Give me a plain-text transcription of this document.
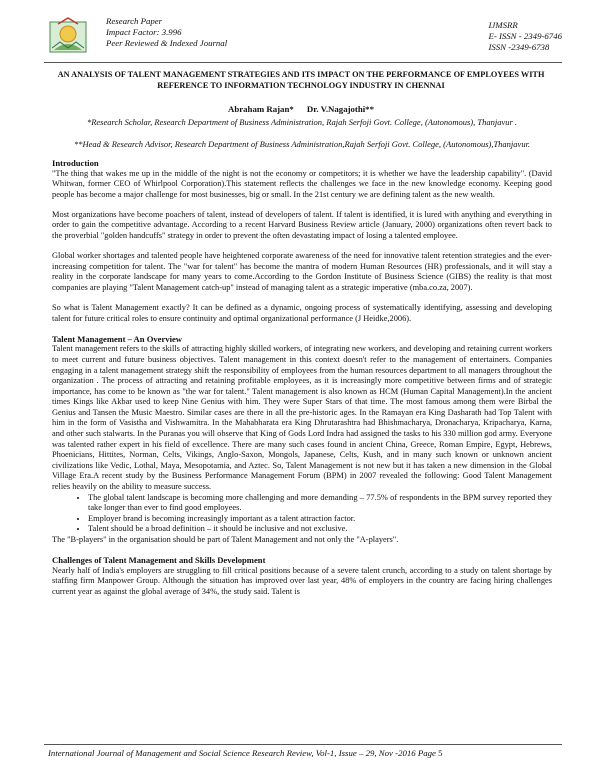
Research Paper
Impact Factor: 3.996
Peer Reviewed & Indexed Journal
IJMSRR
E- ISSN - 2349-6746
ISSN -2349-6738
AN ANALYSIS OF TALENT MANAGEMENT STRATEGIES AND ITS IMPACT ON THE PERFORMANCE OF EMPLOYEES WITH REFERENCE TO INFORMATION TECHNOLOGY INDUSTRY IN CHENNAI
Abraham Rajan*      Dr. V.Nagajothi**
*Research Scholar, Research Department of Business Administration, Rajah Serfoji Govt. College, (Autonomous), Thanjavur .
**Head & Research Advisor, Research Department of Business Administration,Rajah Serfoji Govt. College, (Autonomous),Thanjavur.
Introduction

"The thing that wakes me up in the middle of the night is not the economy or competitors; it is whether we have the leadership capability". (David Whitwan, former CEO of Whirlpool Corporation).This statement reflects the challenges we face in the new knowledge economy. Keeping good people has become a major challenge for most businesses, big or small. In the 21st century we are defining talent as the new wealth.

Most organizations have become poachers of talent, instead of developers of talent. If talent is identified, it is lured with anything and everything in order to gain the competitive advantage. According to a recent Harvard Business Review article (January, 2000) organizations often revert back to the proverbial "golden handcuffs" strategy in order to prevent the often devastating impact of losing a talented employee.

Global worker shortages and talented people have heightened corporate awareness of the need for innovative talent retention strategies and the ever-increasing competition for talent. The "war for talent" has become the mantra of modern Human Resources (HR) professionals, and it will stay a reality in the corporate landscape for many years to come.According to the Gordon Institute of Business Science (GIBS) the reality is that most companies are playing "Talent Management catch-up" instead of managing talent as a strategic imperative (mba.co.za, 2007).

So what is Talent Management exactly? It can be defined as a dynamic, ongoing process of systematically identifying, assessing and developing talent for future critical roles to ensure continuity and optimal organizational performance (J Heidke,2006).

Talent Management – An Overview

Talent management refers to the skills of attracting highly skilled workers, of integrating new workers, and developing and retaining current workers to meet current and future business objectives. Talent management in this context doesn't refer to the management of entertainers. Companies engaging in a talent management strategy shift the responsibility of employees from the human resources department to all managers throughout the organization . The process of attracting and retaining profitable employees, as it is increasingly more competitive between firms and of strategic importance, has come to be known as "the war for talent." Talent management is also known as HCM (Human Capital Management).In the ancient times Kings like Akbar used to keep Nine Genius with him. They were Super Stars of that time. The most famous among them were Birbal the Genius and Tansen the Music Maestro. Similar cases are there in all the pre-historic ages. In the Ramayan era King Dasharath had Top Talent with him in the form of Vasistha and Vishwamitra. In the Mahabharata era King Dhrutarashtra had Bhishmacharya, Dronacharya, Kripacharya, Karna, and other such stalwarts. In the Puranas you will observe that King of Gods Lord Indra had assigned the tasks to his 330 million god army. Everyone was talented rather expert in his field of excellence. There are many such cases found in ancient China, Greece, Roman Empire, Egypt, Hebrews, Phoenicians, Hittites, Norman, Celts, Vikings, Anglo-Saxon, Mongols, Japanese, Celts, Kush, and in many such known or unknown ancient civilizations like Vedic, Lothal, Maya, Mesopotamia, and Aztec. So, Talent Management is not new but it has taken a new dimension in the Global Village Era.A recent study by the Business Performance Management Forum (BPM) in 2007 revealed the following: Good Talent Management relies heavily on the ability to measure success.

• The global talent landscape is becoming more challenging and more demanding – 77.5% of respondents in the BPM survey reported they take longer than ever to find good employees.
• Employer brand is becoming increasingly important as a talent attraction factor.
• Talent should be a broad definition – it should be inclusive and not exclusive.

The "B-players" in the organisation should be part of Talent Management and not only the "A-players".

Challenges of Talent Management and Skills Development

Nearly half of India's employers are struggling to fill critical positions because of a severe talent crunch, according to a study on talent shortage by staffing firm Manpower Group. Although the situation has improved over last year, 48% of employers in the country are facing hiring challenges current year as against the global average of 34%, the study said. Talent is

International Journal of Management and Social Science Research Review, Vol-1, Issue – 29, Nov -2016 Page 5
